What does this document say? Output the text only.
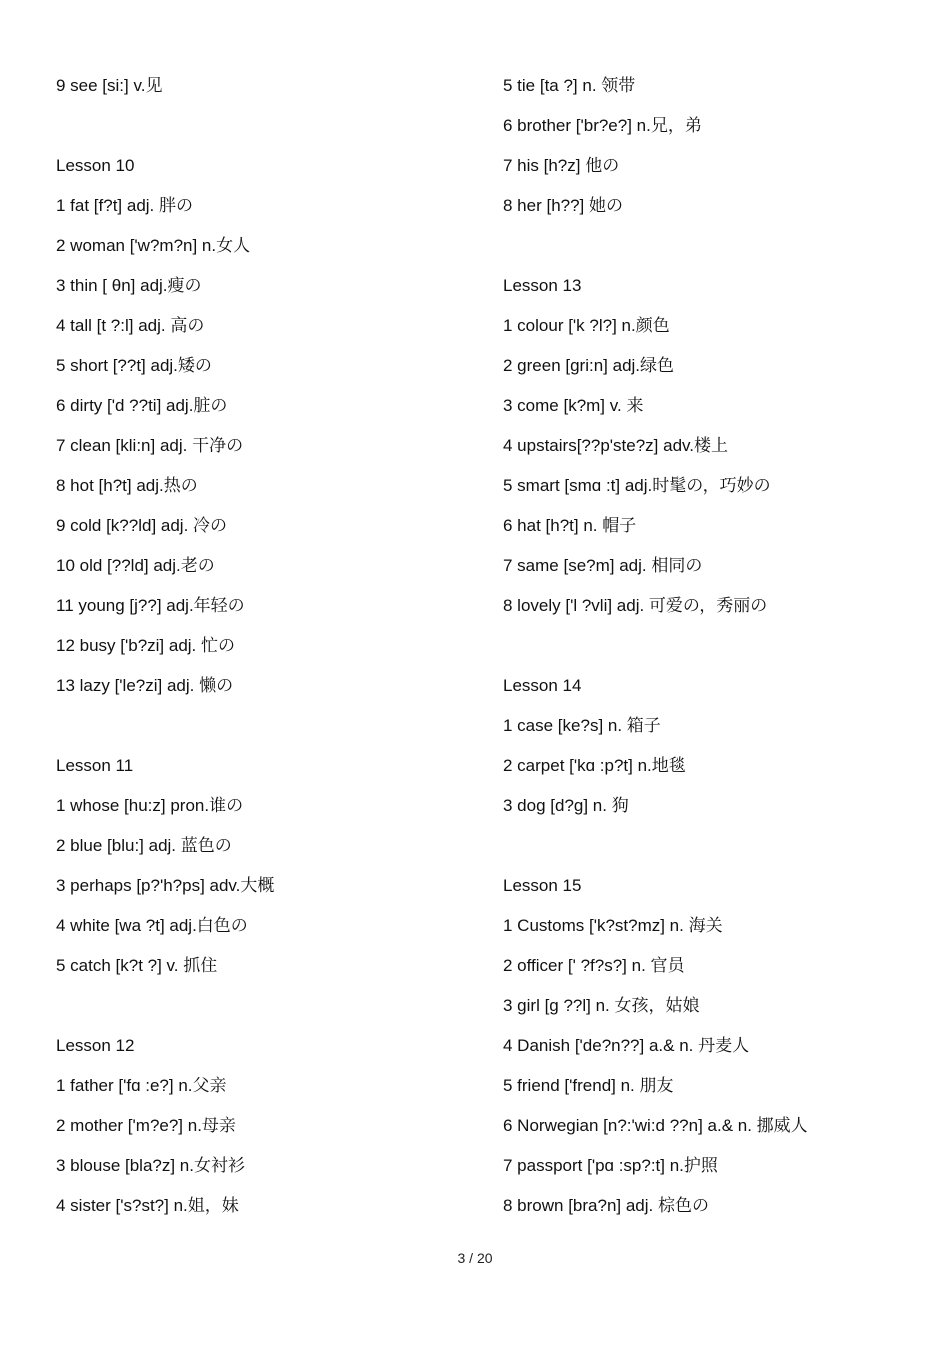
9 see [si:] v.见
Lesson 10
1 fat [f?t] adj. 胖の
2 woman ['w?m?n] n.女人
3 thin [ θn] adj.瘦の
4 tall [t ?:l] adj. 高の
5 short [??t] adj.矮の
6 dirty ['d ??ti] adj.脏の
7 clean [kli:n] adj. 干净の
8 hot [h?t] adj.热の
9 cold [k??ld] adj. 冷の
10 old [??ld] adj.老の
11 young [j??] adj.年轻の
12 busy ['b?zi] adj. 忙の
13 lazy ['le?zi] adj. 懒の
Lesson 11
1 whose [hu:z] pron.谁の
2 blue [blu:] adj. 蓝色の
3 perhaps [p?'h?ps] adv.大概
4 white [wa ?t] adj.白色の
5 catch [k?t ?] v. 抓住
Lesson 12
1 father ['fɑ :e?] n.父亲
2 mother ['m?e?] n.母亲
3 blouse [bla?z] n.女衬衫
4 sister ['s?st?] n.姐，妹
5 tie [ta ?] n. 领带
6 brother ['br?e?] n.兄，弟
7 his [h?z] 他の
8 her [h??] 她の
Lesson 13
1 colour ['k ?l?] n.颜色
2 green [gri:n] adj.绿色
3 come [k?m] v. 来
4 upstairs[??p'ste?z] adv.楼上
5 smart [smɑ :t] adj.时髦の，巧妙の
6 hat [h?t] n. 帽子
7 same [se?m] adj. 相同の
8 lovely ['l ?vli] adj. 可爱の，秀丽の
Lesson 14
1 case [ke?s] n. 箱子
2 carpet ['kɑ :p?t] n.地毯
3 dog [d?g] n. 狗
Lesson 15
1 Customs ['k?st?mz] n. 海关
2 officer [' ?f?s?] n. 官员
3 girl [g ??l] n. 女孩，姑娘
4 Danish ['de?n??] a.& n. 丹麦人
5 friend ['frend] n. 朋友
6 Norwegian [n?:'wi:d ??n] a.& n. 挪威人
7 passport ['pɑ :sp?:t] n.护照
8 brown [bra?n] adj. 棕色の
3 / 20
